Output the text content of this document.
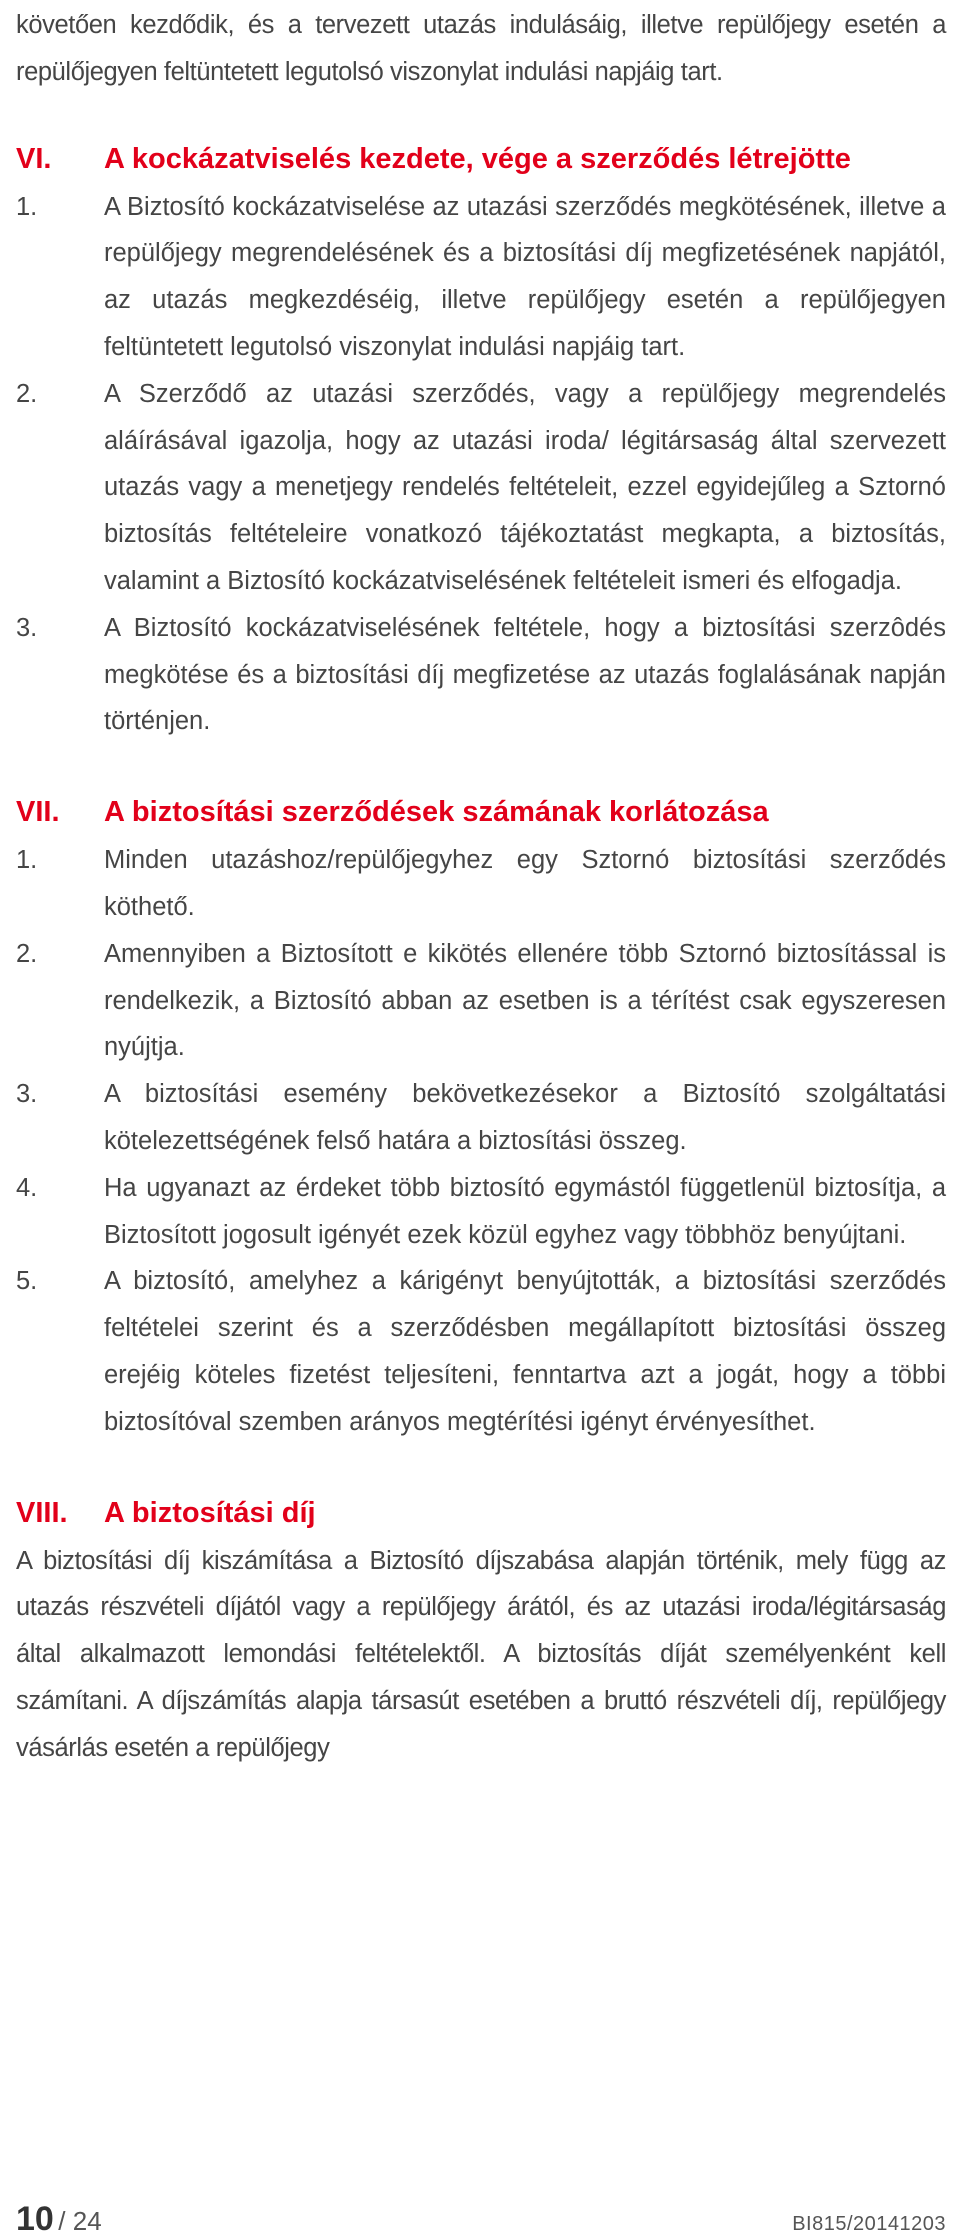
követően kezdődik, és a tervezett utazás indulásáig, illetve repülőjegy esetén a repülőjegyen feltüntetett legutolsó viszonylat indulási napjáig tart.
VI.	A kockázatviselés kezdete, vége a szerződés létrejötte
1.	A Biztosító kockázatviselése az utazási szerződés megkötésének, illetve a repülőjegy megrendelésének és a biztosítási díj megfizetésének napjától, az utazás megkezdéséig, illetve repülőjegy esetén a repülőjegyen feltüntetett legutolsó viszonylat indulási napjáig tart.
2.	A Szerződő az utazási szerződés, vagy a repülőjegy megrendelés aláírásával igazolja, hogy az utazási iroda/ légitársaság által szervezett utazás vagy a menetjegy rendelés feltételeit, ezzel egyidejűleg a Sztornó biztosítás feltételeire vonatkozó tájékoztatást megkapta, a biztosítás, valamint a Biztosító kockázatviselésének feltételeit ismeri és elfogadja.
3.	A Biztosító kockázatviselésének feltétele, hogy a biztosítási szerzôdés megkötése és a biztosítási díj megfizetése az utazás foglalásának napján történjen.
VII.	A biztosítási szerződések számának korlátozása
1.	Minden utazáshoz/repülőjegyhez egy Sztornó biztosítási szerződés köthető.
2.	Amennyiben a Biztosított e kikötés ellenére több Sztornó biztosítással is rendelkezik, a Biztosító abban az esetben is a térítést csak egyszeresen nyújtja.
3.	A biztosítási esemény bekövetkezésekor a Biztosító szolgáltatási kötelezettségének felső határa a biztosítási összeg.
4.	Ha ugyanazt az érdeket több biztosító egymástól függetlenül biztosítja, a Biztosított jogosult igényét ezek közül egyhez vagy többhöz benyújtani.
5.	A biztosító, amelyhez a kárigényt benyújtották, a biztosítási szerződés feltételei szerint és a szerződésben megállapított biztosítási összeg erejéig köteles fizetést teljesíteni, fenntartva azt a jogát, hogy a többi biztosítóval szemben arányos megtérítési igényt érvényesíthet.
VIII.	A biztosítási díj
A biztosítási díj kiszámítása a Biztosító díjszabása alapján történik, mely függ az utazás részvételi díjától vagy a repülőjegy árától, és az utazási iroda/légitársaság által alkalmazott lemondási feltételektől. A biztosítás díját személyenként kell számítani. A díjszámítás alapja társasút esetében a bruttó részvételi díj, repülőjegy vásárlás esetén a repülőjegy
10 / 24	BI815/20141203
